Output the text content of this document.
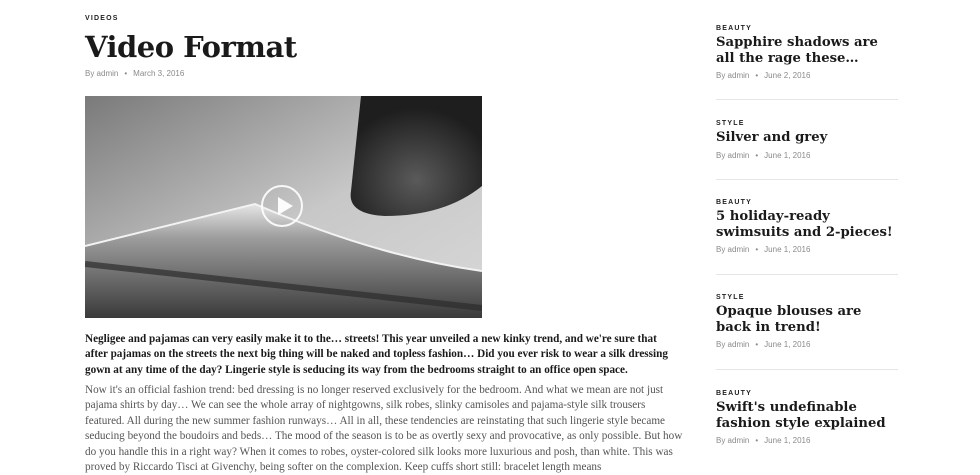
VIDEOS
Video Format
By admin • March 3, 2016

Negligee and pajamas can very easily make it to the… streets! This year unveiled a new kinky trend, and we're sure that after pajamas on the streets the next big thing will be naked and topless fashion… Did you ever risk to wear a silk dressing gown at any time of the day? Lingerie style is seducing its way from the bedrooms straight to an office open space.

Now it's an official fashion trend: bed dressing is no longer reserved exclusively for the bedroom. And what we mean are not just pajama shirts by day… We can see the whole array of nightgowns, silk robes, slinky camisoles and pajama-style silk trousers featured. All during the new summer fashion runways… All in all, these tendencies are reinstating that such lingerie style became seducing beyond the boudoirs and beds… The mood of the season is to be as overtly sexy and provocative, as only possible. But how do you handle this in a right way? When it comes to robes, oyster-colored silk looks more luxurious and posh, than white. This was proved by Riccardo Tisci at Givenchy, being softer on the complexion. Keep cuffs short still: bracelet length means

BEAUTY
Sapphire shadows are all the rage these…
By admin • June 2, 2016
STYLE
Silver and grey
By admin • June 1, 2016
BEAUTY
5 holiday-ready swimsuits and 2-pieces!
By admin • June 1, 2016
STYLE
Opaque blouses are back in trend!
By admin • June 1, 2016
BEAUTY
Swift's undefinable fashion style explained
By admin • June 1, 2016
